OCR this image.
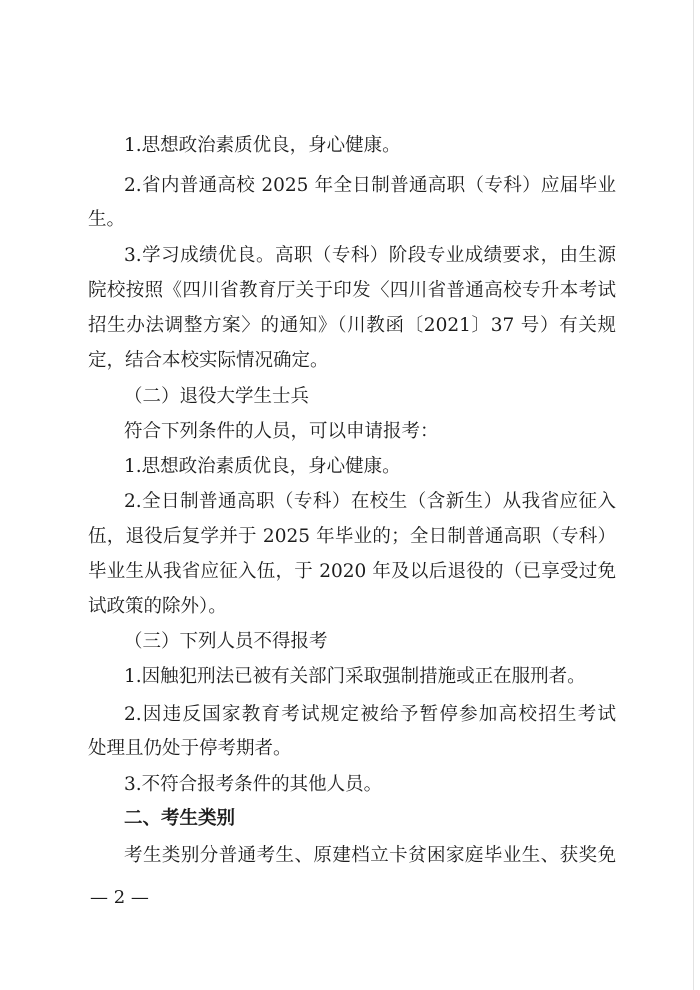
1.思想政治素质优良，身心健康。
2.省内普通高校 2025 年全日制普通高职（专科）应届毕业
生。
3.学习成绩优良。高职（专科）阶段专业成绩要求，由生源
院校按照《四川省教育厅关于印发〈四川省普通高校专升本考试
招生办法调整方案〉的通知》（川教函〔2021〕37 号）有关规
定，结合本校实际情况确定。
（二）退役大学生士兵
符合下列条件的人员，可以申请报考：
1.思想政治素质优良，身心健康。
2.全日制普通高职（专科）在校生（含新生）从我省应征入
伍，退役后复学并于 2025 年毕业的；全日制普通高职（专科）
毕业生从我省应征入伍，于 2020 年及以后退役的（已享受过免
试政策的除外）。
（三）下列人员不得报考
1.因触犯刑法已被有关部门采取强制措施或正在服刑者。
2.因违反国家教育考试规定被给予暂停参加高校招生考试
处理且仍处于停考期者。
3.不符合报考条件的其他人员。
二、考生类别
考生类别分普通考生、原建档立卡贫困家庭毕业生、获奖免
— 2 —
